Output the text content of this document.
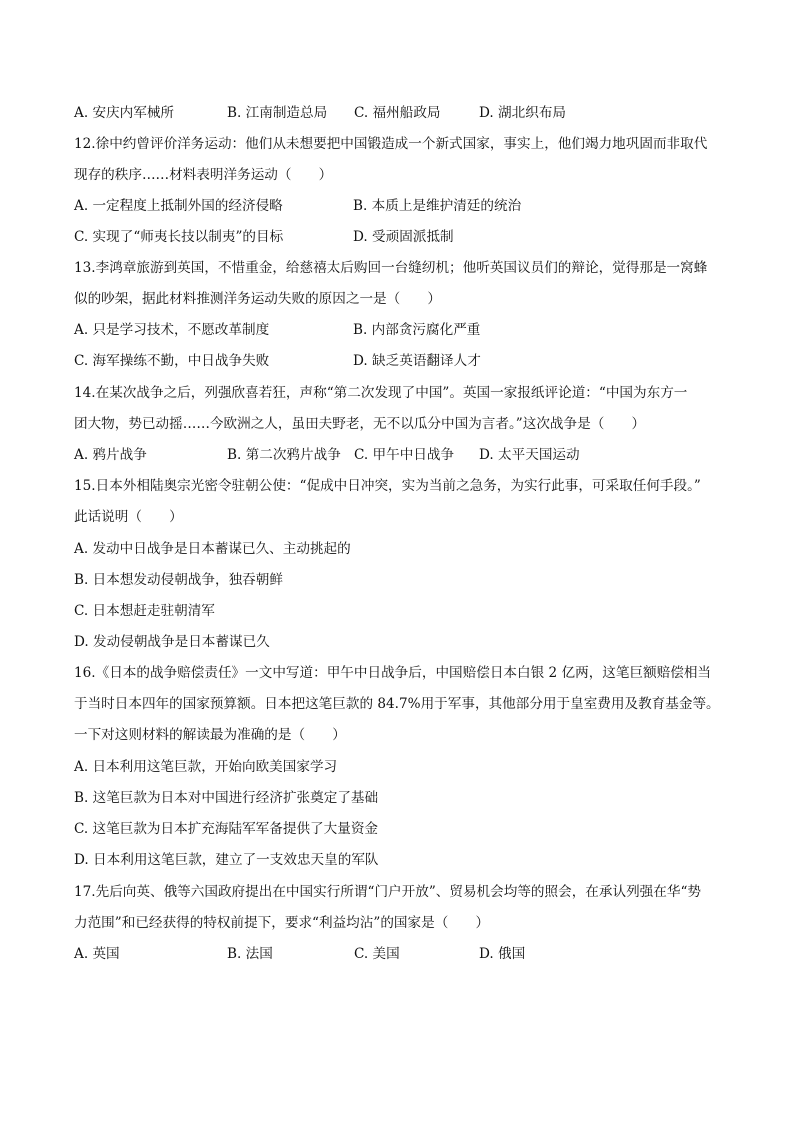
A. 安庆内军械所	B. 江南制造总局 C. 福州船政局	D. 湖北织布局
12.徐中约曾评价洋务运动：他们从未想要把中国锻造成一个新式国家，事实上，他们竭力地巩固而非取代
现存的秩序……材料表明洋务运动（　　）
A. 一定程度上抵制外国的经济侵略	B. 本质上是维护清廷的统治
C. 实现了“师夷长技以制夷”的目标	D. 受顽固派抵制
13.李鸿章旅游到英国，不惜重金，给慈禧太后购回一台缝纫机；他听英国议员们的辩论，觉得那是一窝蜂
似的吵架，据此材料推测洋务运动失败的原因之一是（　　）
A. 只是学习技术，不愿改革制度	B. 内部贪污腐化严重
C. 海军操练不勤，中日战争失败	D. 缺乏英语翻译人才
14.在某次战争之后，列强欣喜若狂，声称“第二次发现了中国”。英国一家报纸评论道：“中国为东方一
团大物，势已动摇……今欧洲之人，虽田夫野老，无不以瓜分中国为言者。”这次战争是（　　）
A. 鸦片战争	B. 第二次鸦片战争 C. 甲午中日战争 D. 太平天国运动
15.日本外相陆奥宗光密令驻朝公使：“促成中日冲突，实为当前之急务，为实行此事，可采取任何手段。”
此话说明（　　）
A. 发动中日战争是日本蓄谋已久、主动挑起的
B. 日本想发动侵朝战争，独吞朝鲜
C. 日本想赶走驻朝清军
D. 发动侵朝战争是日本蓄谋已久
16.《日本的战争赔偿责任》一文中写道：甲午中日战争后，中国赔偿日本白银 2 亿两，这笔巨额赔偿相当
于当时日本四年的国家预算额。日本把这笔巨款的 84.7%用于军事，其他部分用于皇室费用及教育基金等。
一下对这则材料的解读最为准确的是（　　）
A. 日本利用这笔巨款，开始向欧美国家学习
B. 这笔巨款为日本对中国进行经济扩张奠定了基础
C. 这笔巨款为日本扩充海陆军军备提供了大量资金
D. 日本利用这笔巨款，建立了一支效忠天皇的军队
17.先后向英、俄等六国政府提出在中国实行所谓“门户开放”、贸易机会均等的照会，在承认列强在华“势
力范围”和已经获得的特权前提下，要求“利益均沾”的国家是（　　）
A. 英国	B. 法国	C. 美国	D. 俄国
